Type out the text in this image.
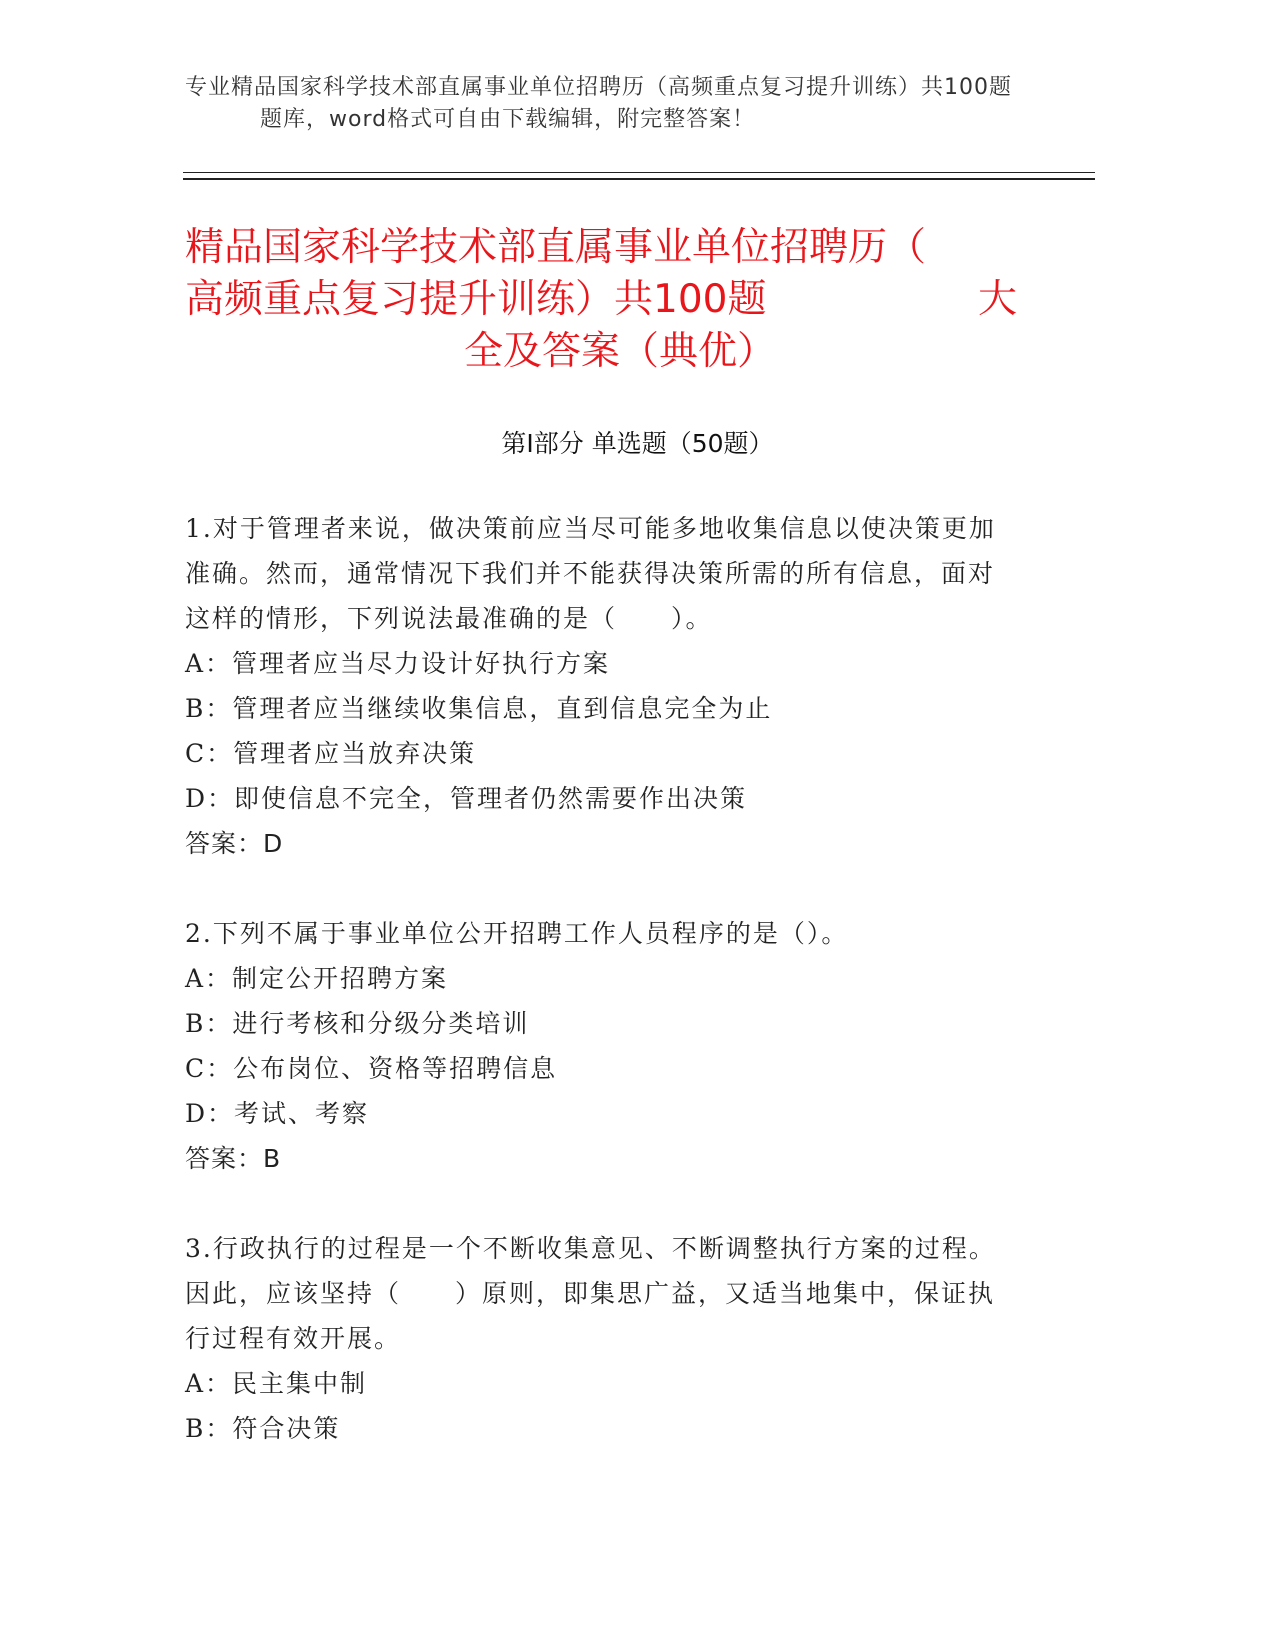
专业精品国家科学技术部直属事业单位招聘历（高频重点复习提升训练）共100题
题库，word格式可自由下载编辑，附完整答案！
精品国家科学技术部直属事业单位招聘历（
高频重点复习提升训练）共100题	大
全及答案（典优）
第Ⅰ部分 单选题（50题）

1.对于管理者来说，做决策前应当尽可能多地收集信息以使决策更加

准确。然而，通常情况下我们并不能获得决策所需的所有信息，面对

这样的情形，下列说法最准确的是（　　）。

A：管理者应当尽力设计好执行方案

B：管理者应当继续收集信息，直到信息完全为止

C：管理者应当放弃决策

D：即使信息不完全，管理者仍然需要作出决策

答案：D

2.下列不属于事业单位公开招聘工作人员程序的是（）。

A：制定公开招聘方案

B：进行考核和分级分类培训

C：公布岗位、资格等招聘信息

D：考试、考察

答案：B

3.行政执行的过程是一个不断收集意见、不断调整执行方案的过程。

因此，应该坚持（　　）原则，即集思广益，又适当地集中，保证执

行过程有效开展。

A：民主集中制

B：符合决策
